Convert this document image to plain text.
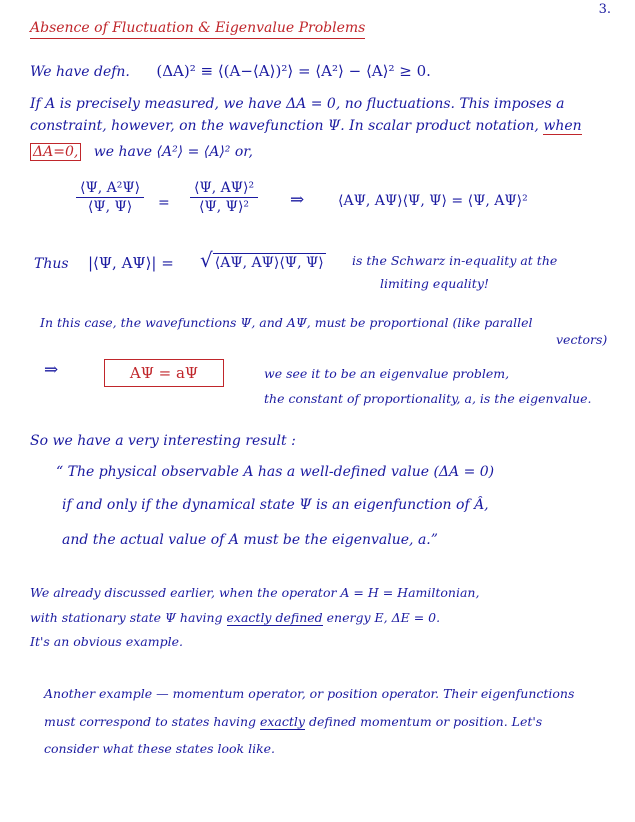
3.
Absence of Fluctuation & Eigenvalue Problems
We have defn. (ΔA)² ≡ ⟨(A−⟨A⟩)²⟩ = ⟨A²⟩ − ⟨A⟩² ≥ 0.
If A is precisely measured, we have ΔA = 0, no fluctuations. This imposes a
constraint, however, on the wavefunction Ψ. In scalar product notation, when
ΔA=0, we have ⟨A²⟩ = ⟨A⟩² or,
$\frac{\text{⟨Ψ, A²Ψ⟩}}{⟨\Psi, \Psi⟩} = \frac{\text{⟨Ψ, AΨ⟩²}}{\text{⟨Ψ, Ψ⟩²}}$ ⇒ ⟨AΨ, AΨ⟩⟨Ψ, Ψ⟩ = ⟨Ψ, AΨ⟩²
Thus |⟨Ψ, AΨ⟩| = √ ⟨AΨ, AΨ⟩⟨Ψ, Ψ⟩ is the Schwarz in-equality at the
limiting equality!
In this case, the wavefunctions Ψ, and AΨ, must be proportional (like parallel
vectors)
⇒	AΨ = aΨ	we see it to be an eigenvalue problem,
the constant of proportionality, a, is the eigenvalue.
So we have a very interesting result :
“ The physical observable A has a well-defined value (ΔA = 0)
if and only if the dynamical state Ψ is an eigenfunction of Â,
and the actual value of A must be the eigenvalue, a.”
We already discussed earlier, when the operator A = H = Hamiltonian,
with stationary state Ψ having exactly defined energy E, ΔE = 0.
It's an obvious example.
Another example — momentum operator, or position operator. Their eigenfunctions
must correspond to states having exactly defined momentum or position. Let's
consider what these states look like.
